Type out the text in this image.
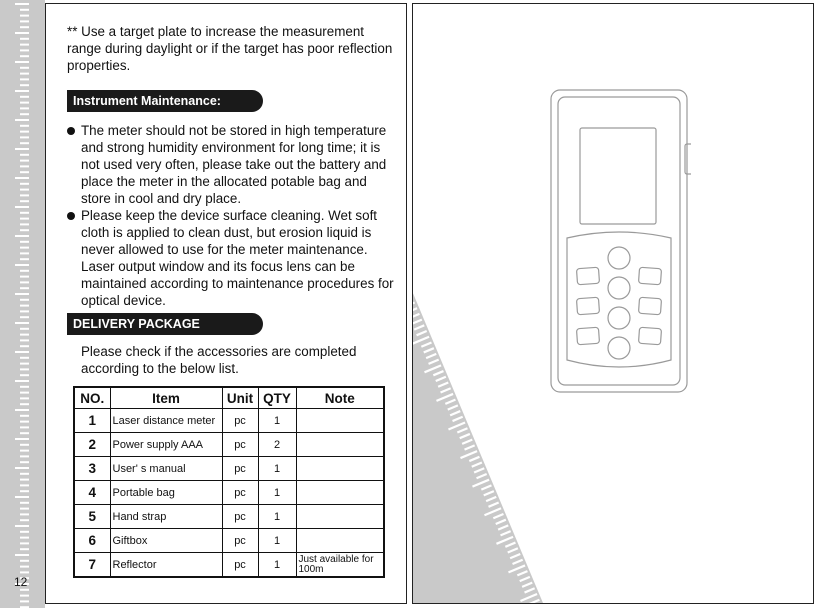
12
** Use a target plate to increase the measurement range during daylight or if the target has poor reflection properties.
Instrument Maintenance:
The meter should not be stored in high temperature and strong humidity environment for long time; it is not used very often, please take out the battery and place the meter in the allocated potable bag and store in cool and dry place.
Please keep the device surface cleaning. Wet soft cloth is applied to clean dust, but erosion liquid is never allowed to use for the meter maintenance. Laser output window and its focus lens can be maintained according to maintenance procedures for optical device.
DELIVERY PACKAGE
Please check if the accessories are completed according to the below list.
NO.	Item	Unit	QTY	Note
1	Laser distance meter	pc	1	
2	Power supply AAA	pc	2	
3	User' s manual	pc	1	
4	Portable bag	pc	1	
5	Hand strap	pc	1	
6	Giftbox	pc	1	
7	Reflector	pc	1	Just available for 100m
